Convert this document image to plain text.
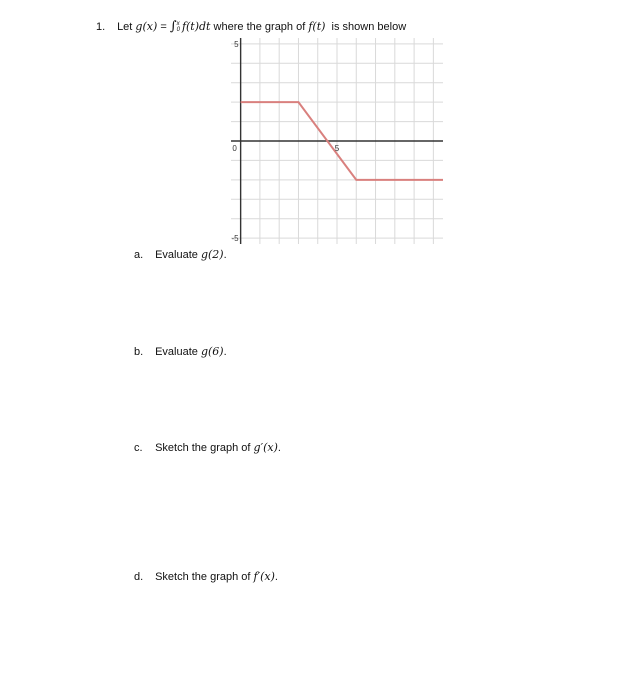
1. Let g(x) = ∫ x
0 f(t)dt where the graph of f(t) is shown below
5
-5
0	5
a. Evaluate g(2).
b. Evaluate g(6).
c. Sketch the graph of g′(x).
d. Sketch the graph of f′(x).
